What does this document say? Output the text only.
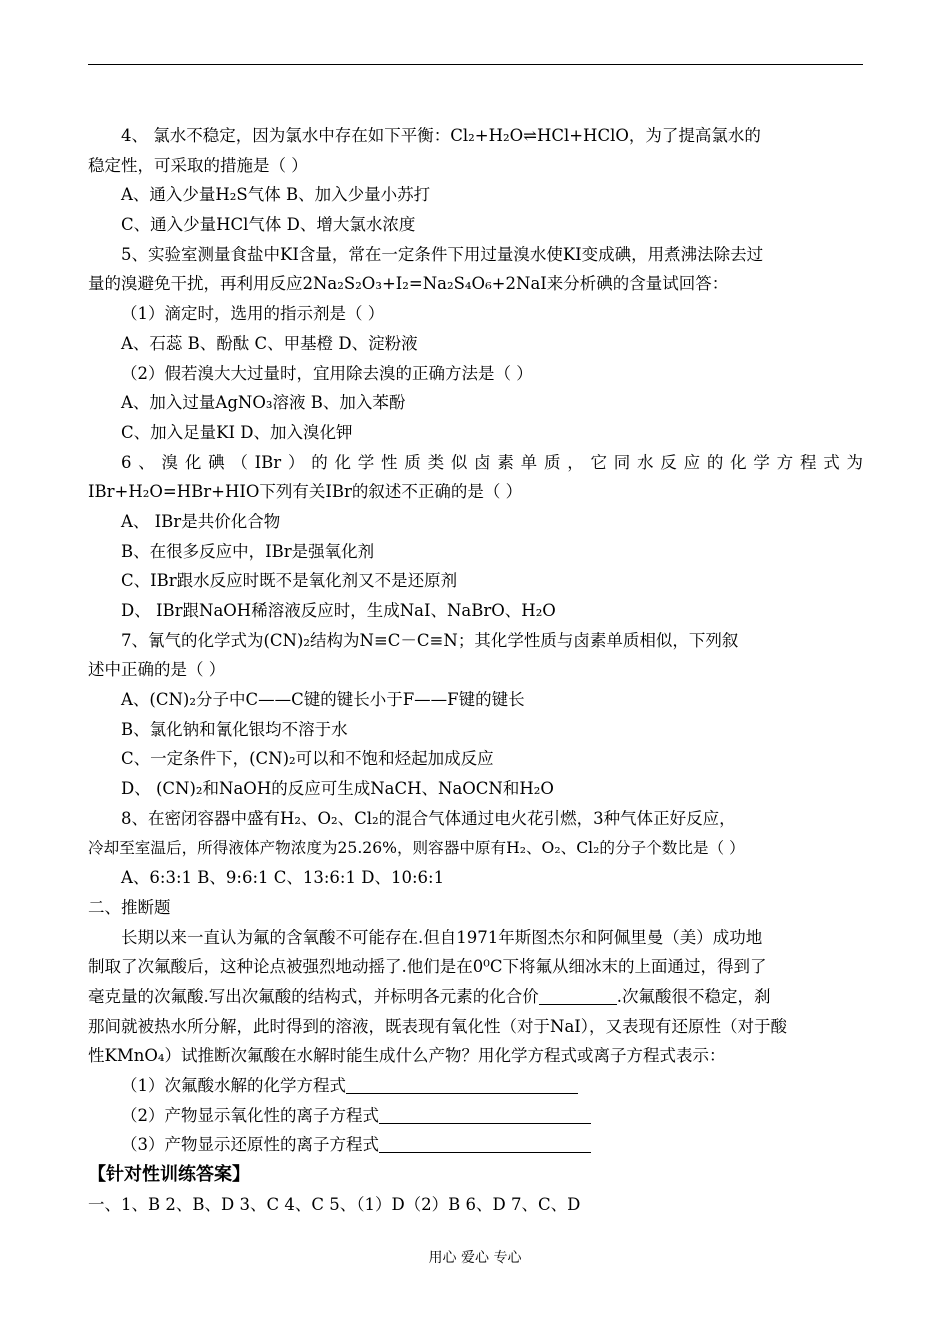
4、 氯水不稳定，因为氯水中存在如下平衡：Cl₂+H₂O⇌HCl+HClO，为了提高氯水的
稳定性，可采取的措施是（ ）
A、通入少量H₂S气体 B、加入少量小苏打
C、通入少量HCl气体 D、增大氯水浓度
5、实验室测量食盐中KI含量，常在一定条件下用过量溴水使KI变成碘，用煮沸法除去过
量的溴避免干扰，再利用反应2Na₂S₂O₃+I₂=Na₂S₄O₆+2NaI来分析碘的含量试回答：
（1）滴定时，选用的指示剂是（ ）
A、石蕊 B、酚酞 C、甲基橙 D、淀粉液
（2）假若溴大大过量时，宜用除去溴的正确方法是（ ）
A、加入过量AgNO₃溶液 B、加入苯酚
C、加入足量KI D、加入溴化钾
6、溴化碘（IBr）的化学性质类似卤素单质，它同水反应的化学方程式为
IBr+H₂O=HBr+HIO下列有关IBr的叙述不正确的是（ ）
A、 IBr是共价化合物
B、在很多反应中，IBr是强氧化剂
C、IBr跟水反应时既不是氧化剂又不是还原剂
D、 IBr跟NaOH稀溶液反应时，生成NaI、NaBrO、H₂O
7、氰气的化学式为(CN)₂结构为N≡C－C≡N；其化学性质与卤素单质相似，下列叙
述中正确的是（ ）
A、(CN)₂分子中C——C键的键长小于F——F键的键长
B、氯化钠和氰化银均不溶于水
C、一定条件下，(CN)₂可以和不饱和烃起加成反应
D、 (CN)₂和NaOH的反应可生成NaCH、NaOCN和H₂O
8、在密闭容器中盛有H₂、O₂、Cl₂的混合气体通过电火花引燃，3种气体正好反应，
冷却至室温后，所得液体产物浓度为25.26%，则容器中原有H₂、O₂、Cl₂的分子个数比是（ ）
A、6:3:1 B、9:6:1 C、13:6:1 D、10:6:1
二、推断题
长期以来一直认为氟的含氧酸不可能存在.但自1971年斯图杰尔和阿佩里曼（美）成功地
制取了次氟酸后，这种论点被强烈地动摇了.他们是在0⁰C下将氟从细冰末的上面通过，得到了
毫克量的次氟酸.写出次氟酸的结构式，并标明各元素的化合价	.次氟酸很不稳定，刹
那间就被热水所分解，此时得到的溶液，既表现有氧化性（对于NaI），又表现有还原性（对于酸
性KMnO₄）试推断次氟酸在水解时能生成什么产物？用化学方程式或离子方程式表示：
（1）次氟酸水解的化学方程式
（2）产物显示氧化性的离子方程式
（3）产物显示还原性的离子方程式
【针对性训练答案】
一、1、B 2、B、D 3、C 4、C 5、（1）D（2）B 6、D 7、C、D
用心 爱心 专心
